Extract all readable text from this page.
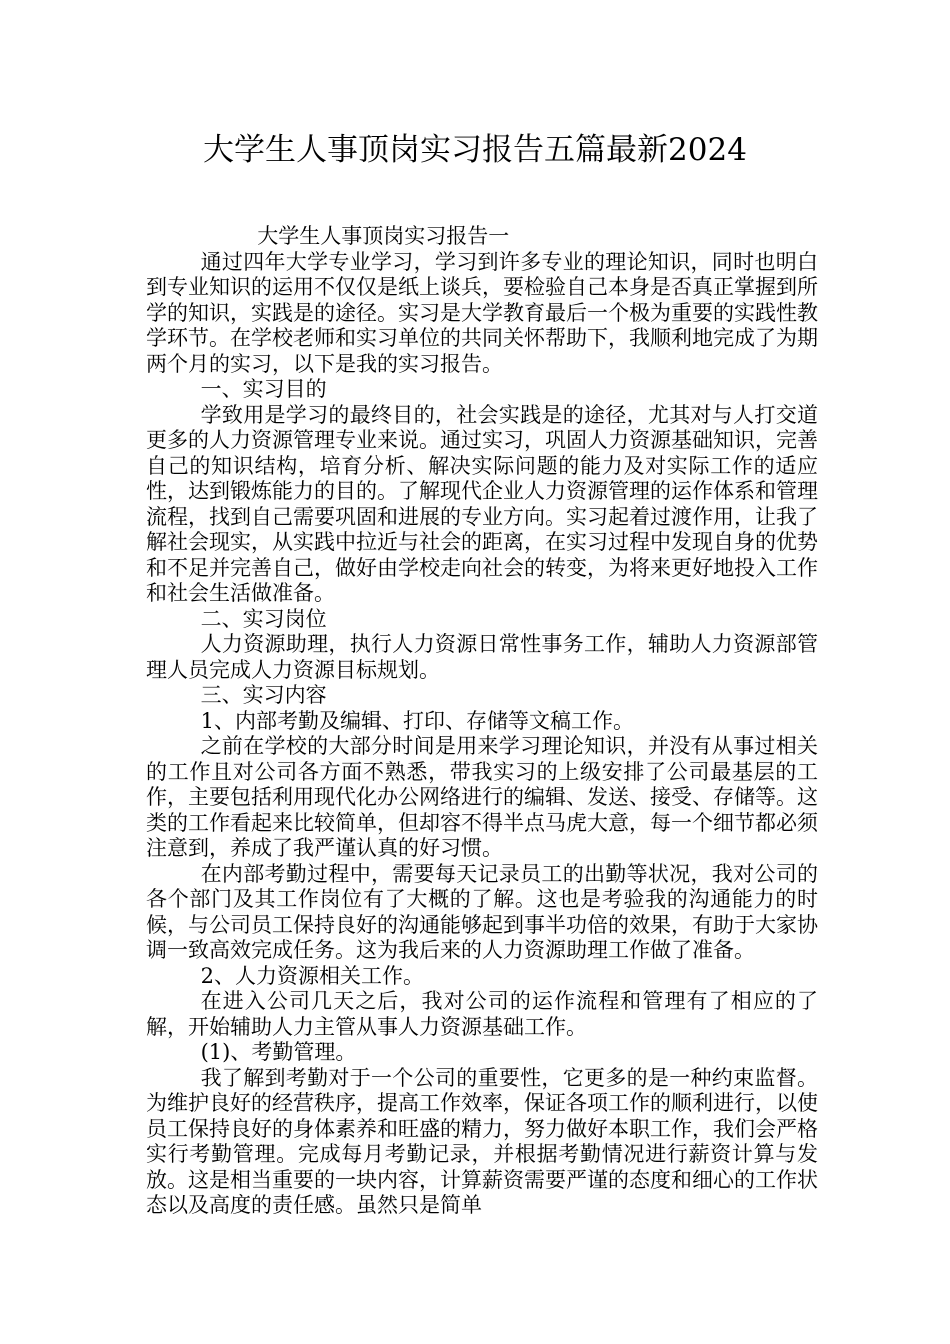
大学生人事顶岗实习报告五篇最新2024

大学生人事顶岗实习报告一

通过四年大学专业学习，学习到许多专业的理论知识，同时也明白到专业知识的运用不仅仅是纸上谈兵，要检验自己本身是否真正掌握到所学的知识，实践是的途径。实习是大学教育最后一个极为重要的实践性教学环节。在学校老师和实习单位的共同关怀帮助下，我顺利地完成了为期两个月的实习，以下是我的实习报告。

一、实习目的

学致用是学习的最终目的，社会实践是的途径，尤其对与人打交道更多的人力资源管理专业来说。通过实习，巩固人力资源基础知识，完善自己的知识结构，培育分析、解决实际问题的能力及对实际工作的适应性，达到锻炼能力的目的。了解现代企业人力资源管理的运作体系和管理流程，找到自己需要巩固和进展的专业方向。实习起着过渡作用，让我了解社会现实，从实践中拉近与社会的距离，在实习过程中发现自身的优势和不足并完善自己，做好由学校走向社会的转变，为将来更好地投入工作和社会生活做准备。

二、实习岗位

人力资源助理，执行人力资源日常性事务工作，辅助人力资源部管理人员完成人力资源目标规划。

三、实习内容

1、内部考勤及编辑、打印、存储等文稿工作。

之前在学校的大部分时间是用来学习理论知识，并没有从事过相关的工作且对公司各方面不熟悉，带我实习的上级安排了公司最基层的工作，主要包括利用现代化办公网络进行的编辑、发送、接受、存储等。这类的工作看起来比较简单，但却容不得半点马虎大意，每一个细节都必须注意到，养成了我严谨认真的好习惯。

在内部考勤过程中，需要每天记录员工的出勤等状况，我对公司的各个部门及其工作岗位有了大概的了解。这也是考验我的沟通能力的时候，与公司员工保持良好的沟通能够起到事半功倍的效果，有助于大家协调一致高效完成任务。这为我后来的人力资源助理工作做了准备。

2、人力资源相关工作。

在进入公司几天之后，我对公司的运作流程和管理有了相应的了解，开始辅助人力主管从事人力资源基础工作。

(1)、考勤管理。

我了解到考勤对于一个公司的重要性，它更多的是一种约束监督。为维护良好的经营秩序，提高工作效率，保证各项工作的顺利进行，以使员工保持良好的身体素养和旺盛的精力，努力做好本职工作，我们会严格实行考勤管理。完成每月考勤记录，并根据考勤情况进行薪资计算与发放。这是相当重要的一块内容，计算薪资需要严谨的态度和细心的工作状态以及高度的责任感。虽然只是简单
